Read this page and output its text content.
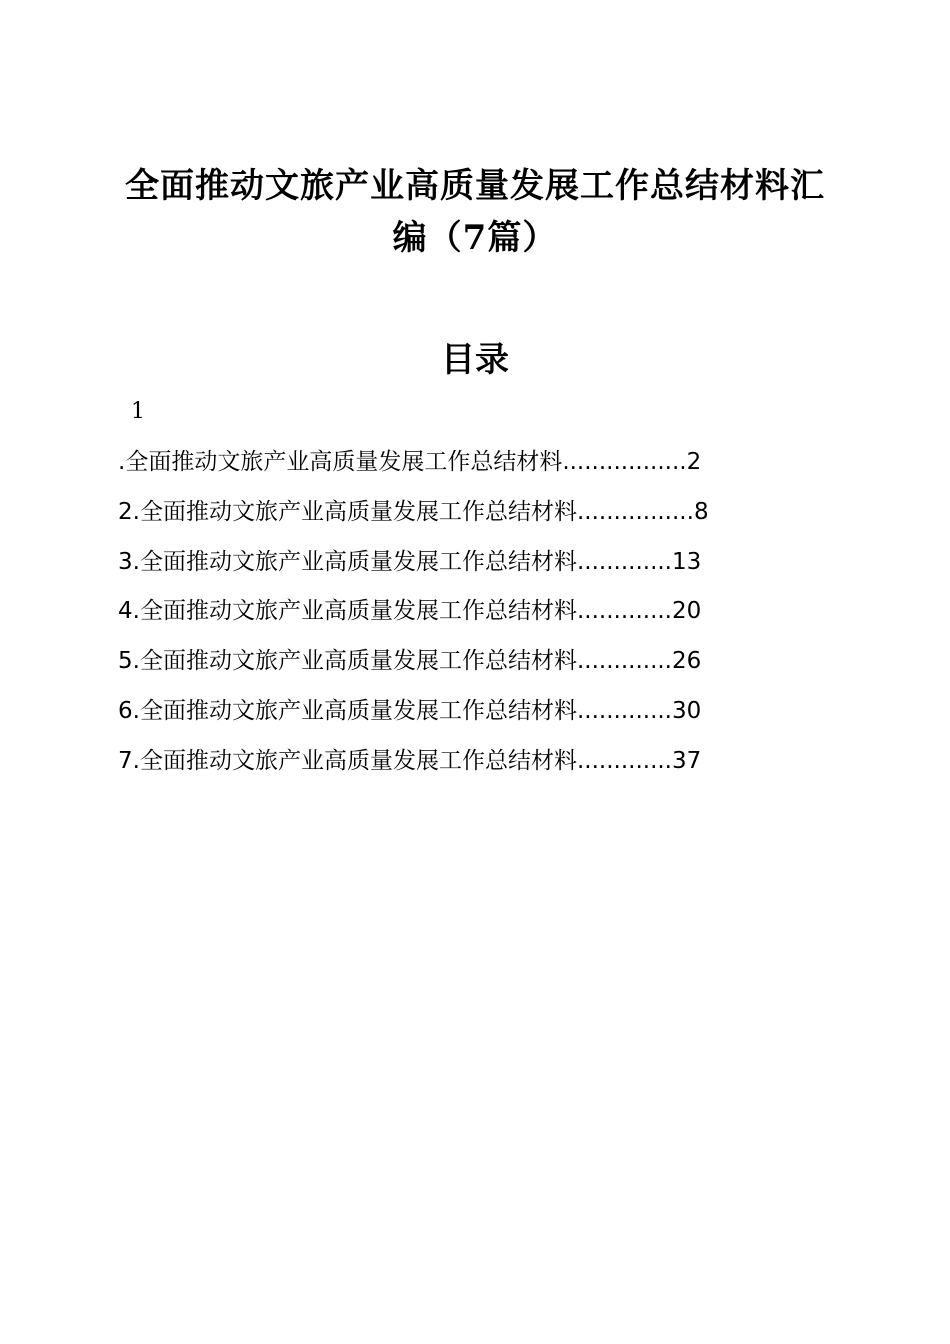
全面推动文旅产业高质量发展工作总结材料汇
编（7篇）
目录
1
.全面推动文旅产业高质量发展工作总结材料.................2
2.全面推动文旅产业高质量发展工作总结材料................8
3.全面推动文旅产业高质量发展工作总结材料.............13
4.全面推动文旅产业高质量发展工作总结材料.............20
5.全面推动文旅产业高质量发展工作总结材料.............26
6.全面推动文旅产业高质量发展工作总结材料.............30
7.全面推动文旅产业高质量发展工作总结材料.............37
